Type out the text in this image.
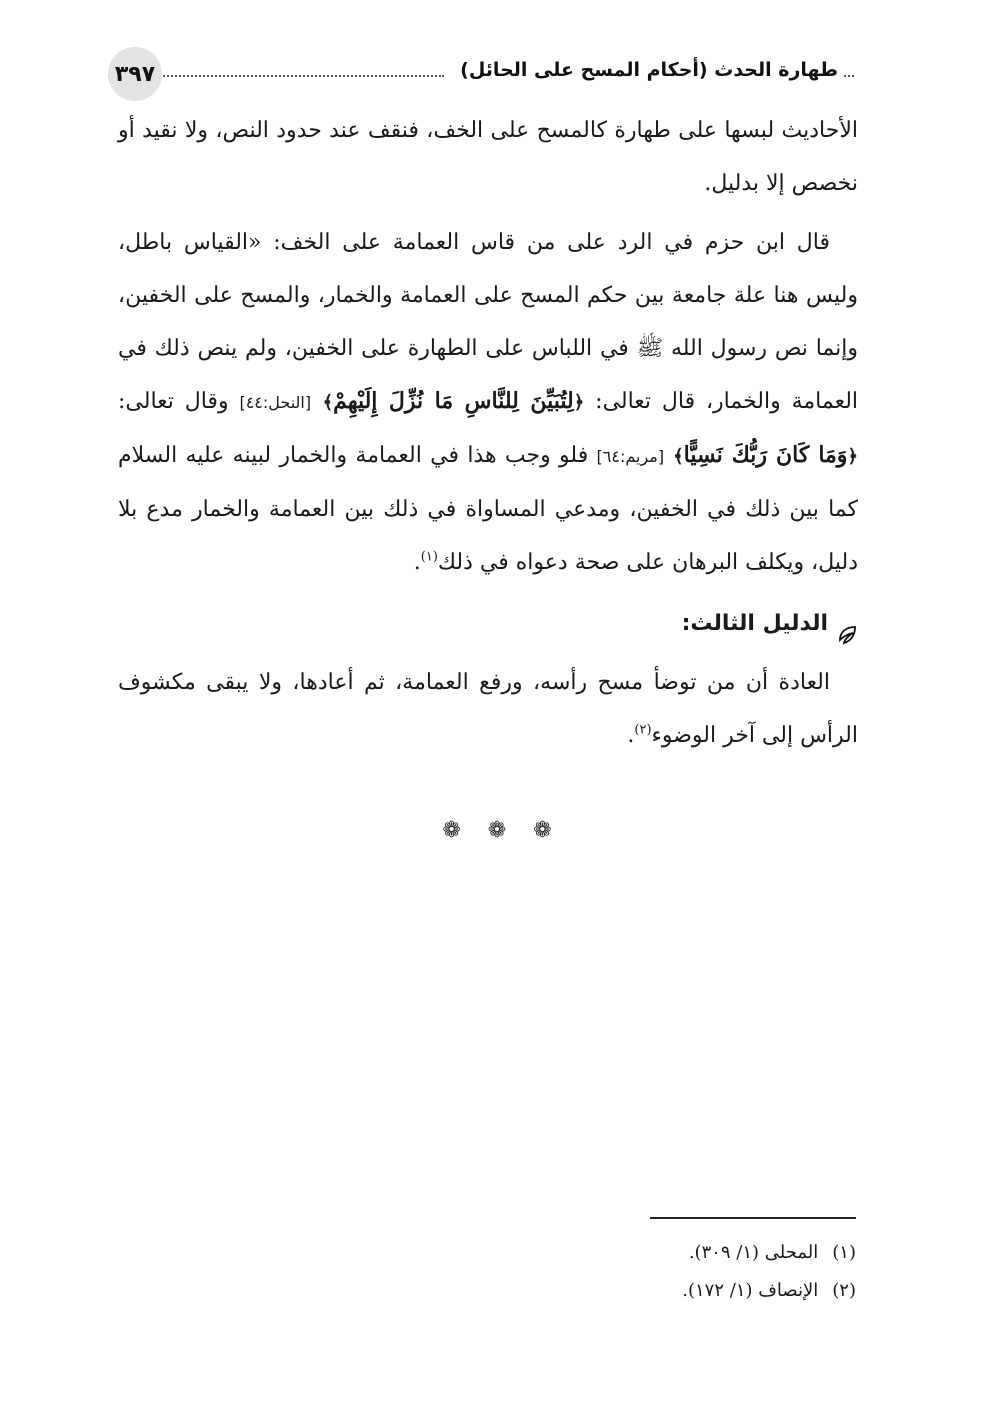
طهارة الحدث (أحكام المسح على الحائل)
٣٩٧

الأحاديث لبسها على طهارة كالمسح على الخف، فنقف عند حدود النص، ولا نقيد أو نخصص إلا بدليل.

قال ابن حزم في الرد على من قاس العمامة على الخف: «القياس باطل، وليس هنا علة جامعة بين حكم المسح على العمامة والخمار، والمسح على الخفين، وإنما نص رسول الله ﷺ في اللباس على الطهارة على الخفين، ولم ينص ذلك في العمامة والخمار، قال تعالى: ﴿لِتُبَيِّنَ لِلنَّاسِ مَا نُزِّلَ إِلَيْهِمْ﴾ [النحل:٤٤] وقال تعالى: ﴿وَمَا كَانَ رَبُّكَ نَسِيًّا﴾ [مريم:٦٤] فلو وجب هذا في العمامة والخمار لبينه عليه السلام كما بين ذلك في الخفين، ومدعي المساواة في ذلك بين العمامة والخمار مدع بلا دليل، ويكلف البرهان على صحة دعواه في ذلك$^{(١)}$.

الدليل الثالث:

العادة أن من توضأ مسح رأسه، ورفع العمامة، ثم أعادها، ولا يبقى مكشوف الرأس إلى آخر الوضوء$^{(٢)}$.

❁ ❁ ❁
(١)
المحلى (١/ ٣٠٩).
(٢)
الإنصاف (١/ ١٧٢).
